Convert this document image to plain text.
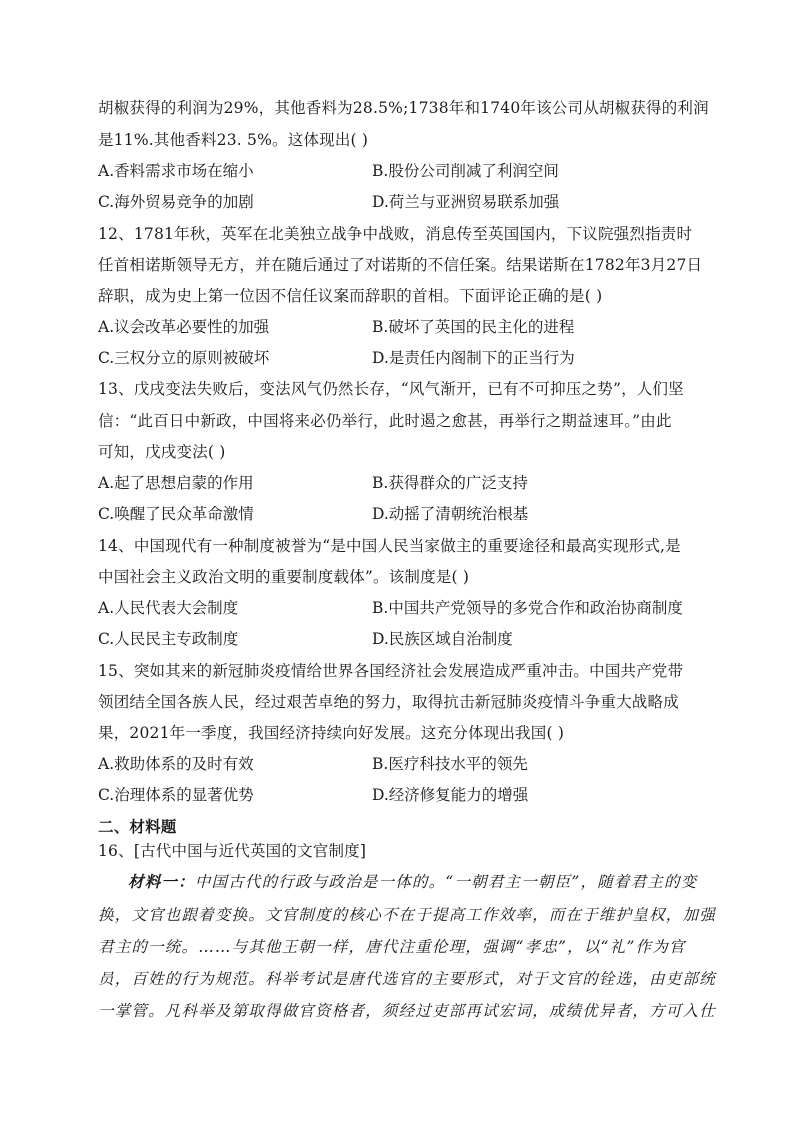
胡椒获得的利润为29%，其他香料为28.5%;1738年和1740年该公司从胡椒获得的利润
是11%.其他香料23. 5%。这体现出( )
A.香料需求市场在缩小	B.股份公司削减了利润空间
C.海外贸易竞争的加剧	D.荷兰与亚洲贸易联系加强
12、1781年秋，英军在北美独立战争中战败，消息传至英国国内，下议院强烈指责时
任首相诺斯领导无方，并在随后通过了对诺斯的不信任案。结果诺斯在1782年3月27日
辞职，成为史上第一位因不信任议案而辞职的首相。下面评论正确的是( )
A.议会改革必要性的加强	B.破坏了英国的民主化的进程
C.三权分立的原则被破坏	D.是责任内阁制下的正当行为
13、戊戌变法失败后，变法风气仍然长存，“风气渐开，已有不可抑压之势”，人们坚
信：“此百日中新政，中国将来必仍举行，此时遏之愈甚，再举行之期益速耳。”由此
可知，戊戌变法( )
A.起了思想启蒙的作用	B.获得群众的广泛支持
C.唤醒了民众革命激情	D.动摇了清朝统治根基
14、中国现代有一种制度被誉为“是中国人民当家做主的重要途径和最高实现形式,是
中国社会主义政治文明的重要制度载体”。该制度是( )
A.人民代表大会制度	B.中国共产党领导的多党合作和政治协商制度
C.人民民主专政制度	D.民族区域自治制度
15、突如其来的新冠肺炎疫情给世界各国经济社会发展造成严重冲击。中国共产党带
领团结全国各族人民，经过艰苦卓绝的努力，取得抗击新冠肺炎疫情斗争重大战略成
果，2021年一季度，我国经济持续向好发展。这充分体现出我国( )
A.救助体系的及时有效	B.医疗科技水平的领先
C.治理体系的显著优势	D.经济修复能力的增强
二、材料题
16、[古代中国与近代英国的文官制度]
材料一：中国古代的行政与政治是一体的。“一朝君主一朝臣”，随着君主的变
换，文官也跟着变换。文官制度的核心不在于提高工作效率，而在于维护皇权，加强
君主的一统。……与其他王朝一样，唐代注重伦理，强调“孝忠”，以“礼”作为官
员，百姓的行为规范。科举考试是唐代选官的主要形式，对于文官的铨选，由吏部统
一掌管。凡科举及第取得做官资格者，须经过吏部再试宏词，成绩优异者，方可入仕
